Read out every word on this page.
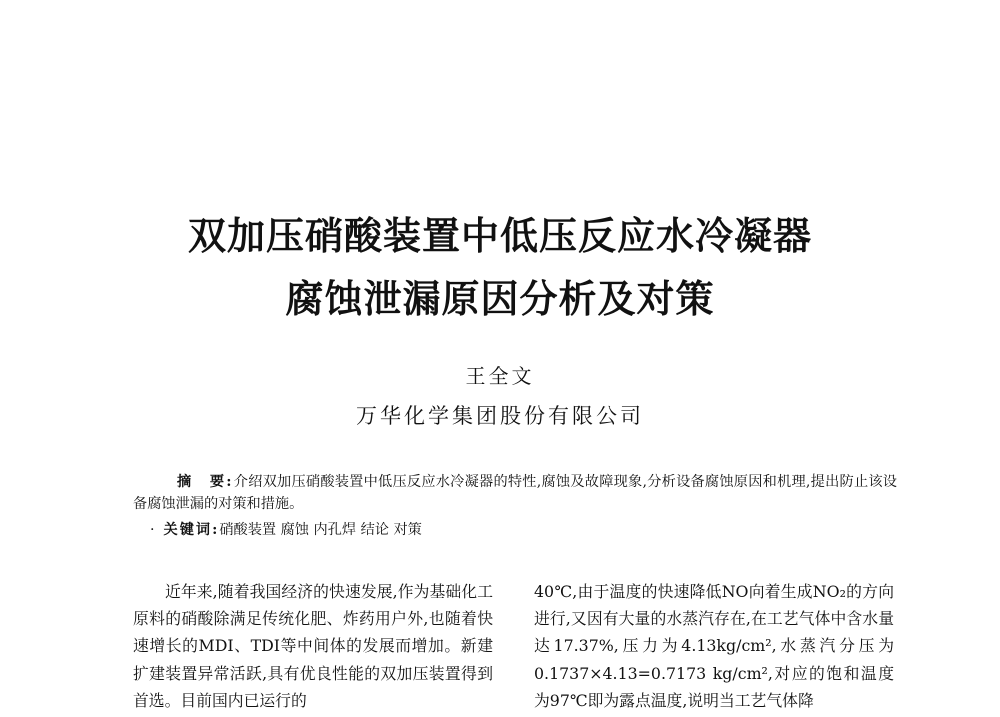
双加压硝酸装置中低压反应水冷凝器
腐蚀泄漏原因分析及对策
王全文
万华化学集团股份有限公司
摘　要:介绍双加压硝酸装置中低压反应水冷凝器的特性,腐蚀及故障现象,分析设备腐蚀原因和机理,提出防止该设备腐蚀泄漏的对策和措施。
· 关键词:硝酸装置 腐蚀 内孔焊 结论 对策

近年来,随着我国经济的快速发展,作为基础化工原料的硝酸除满足传统化肥、炸药用户外,也随着快速增长的MDI、TDI等中间体的发展而增加。新建扩建装置异常活跃,具有优良性能的双加压装置得到首选。目前国内已运行的

40℃,由于温度的快速降低NO向着生成NO₂的方向进行,又因有大量的水蒸汽存在,在工艺气体中含水量达17.37%,压力为4.13kg/cm²,水蒸汽分压为0.1737×4.13=0.7173 kg/cm²,对应的饱和温度为97℃即为露点温度,说明当工艺气体降
